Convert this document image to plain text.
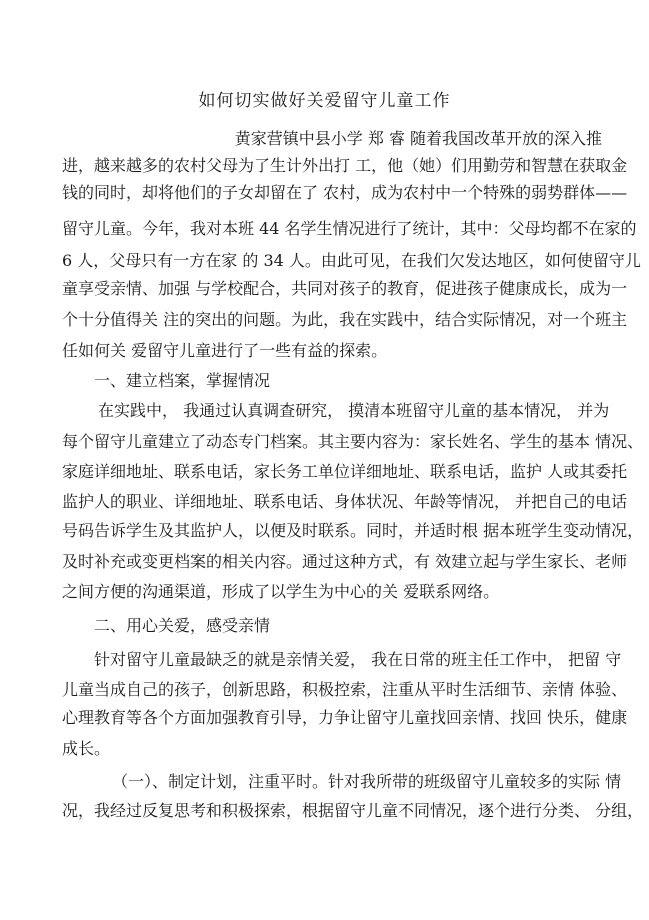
如何切实做好关爱留守儿童工作
黄家营镇中县小学 郑 睿 随着我国改革开放的深入推
进，越来越多的农村父母为了生计外出打 工，他（她）们用勤劳和智慧在获取金
钱的同时，却将他们的子女却留在了 农村，成为农村中一个特殊的弱势群体——
留守儿童。今年，我对本班 44 名学生情况进行了统计，其中：父母均都不在家的
6 人，父母只有一方在家 的 34 人。由此可见，在我们欠发达地区，如何使留守儿
童享受亲情、加强 与学校配合，共同对孩子的教育，促进孩子健康成长，成为一
个十分值得关 注的突出的问题。为此，我在实践中，结合实际情况，对一个班主
任如何关 爱留守儿童进行了一些有益的探索。
一、建立档案，掌握情况
在实践中， 我通过认真调查研究， 摸清本班留守儿童的基本情况， 并为
每个留守儿童建立了动态专门档案。其主要内容为：家长姓名、学生的基本 情况、
家庭详细地址、联系电话，家长务工单位详细地址、联系电话，监护 人或其委托
监护人的职业、详细地址、联系电话、身体状况、年龄等情况， 并把自己的电话
号码告诉学生及其监护人，以便及时联系。同时，并适时根 据本班学生变动情况，
及时补充或变更档案的相关内容。通过这种方式，有 效建立起与学生家长、老师
之间方便的沟通渠道，形成了以学生为中心的关 爱联系网络。
二、用心关爱，感受亲情
针对留守儿童最缺乏的就是亲情关爱， 我在日常的班主任工作中， 把留 守
儿童当成自己的孩子，创新思路，积极控索，注重从平时生活细节、亲情 体验、
心理教育等各个方面加强教育引导，力争让留守儿童找回亲情、找回 快乐，健康
成长。
（一）、制定计划，注重平时。针对我所带的班级留守儿童较多的实际 情
况，我经过反复思考和积极探索，根据留守儿童不同情况，逐个进行分类、 分组，
